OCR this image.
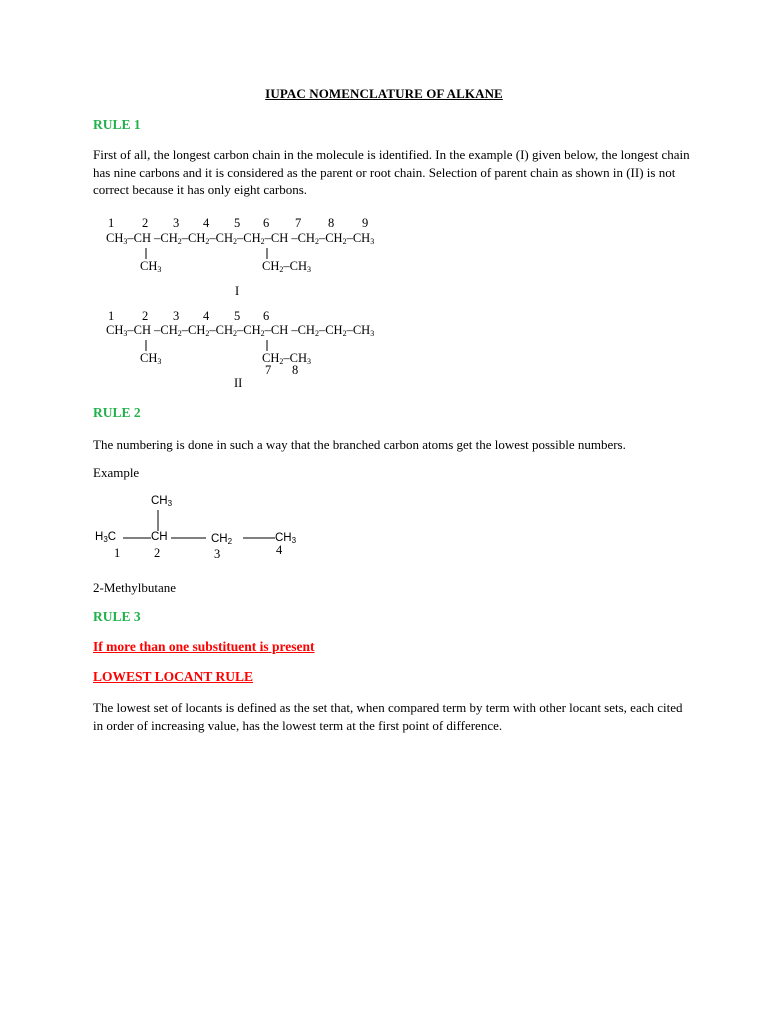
IUPAC NOMENCLATURE OF ALKANE
RULE 1
First of all, the longest carbon chain in the molecule is identified. In the example (I) given below, the longest chain has nine carbons and it is considered as the parent or root chain. Selection of parent chain as shown in (II) is not correct because it has only eight carbons.
1 2 3 4 5 6 7 8 9
$CH_3-CH$ $-CH_2-CH_2-CH_2-CH_2-CH$ $-CH_2-CH_2-CH_3$
$CH_3$	$CH_2-CH_3$
I
1 2 3 4 5 6
$CH_3-CH$ $-CH_2-CH_2-CH_2-CH_2-CH$ $-CH_2-CH_2-CH_3$
$CH_3$	$CH_2-CH_3$
7 8
II
RULE 2
The numbering is done in such a way that the branched carbon atoms get the lowest possible numbers.
Example
$CH_3$
$H_3C$	CH	$CH_2$	$CH_3$
1	2	3	4
2-Methylbutane
RULE 3
If more than one substituent is present
LOWEST LOCANT RULE
The lowest set of locants is defined as the set that, when compared term by term with other locant sets, each cited in order of increasing value, has the lowest term at the first point of difference.
